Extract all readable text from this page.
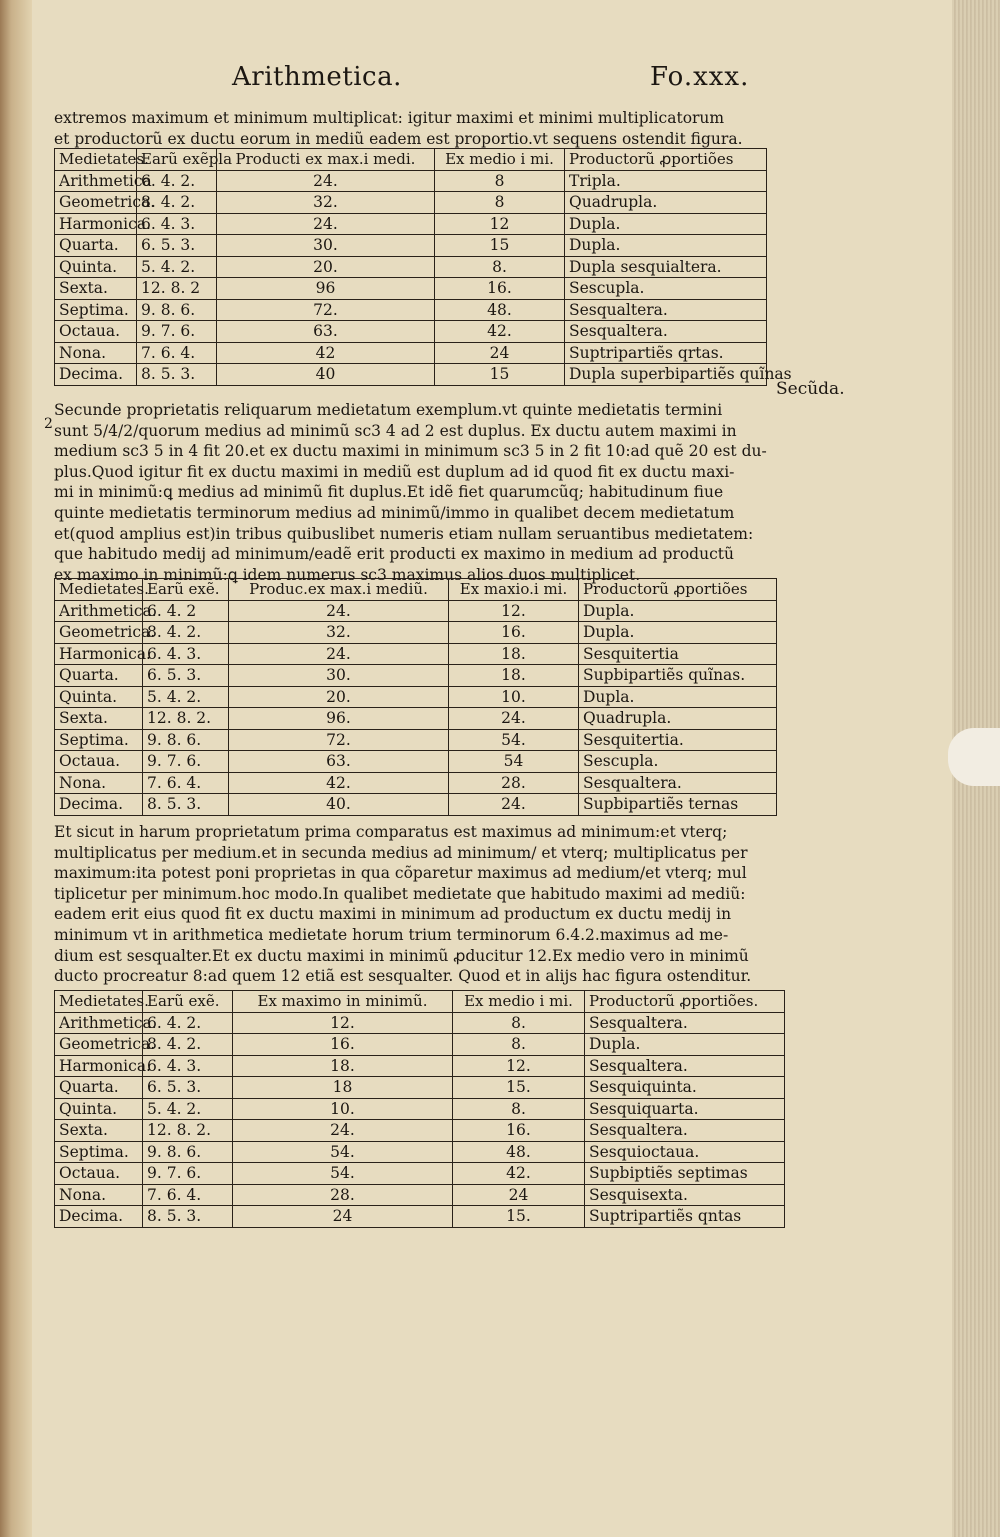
Arithmetica.	Fo.xxx.
extremos maximum et minimum multiplicat: igitur maximi et minimi multiplicatorum
et productorũ ex ductu eorum in mediũ eadem est proportio.vt sequens ostendit figura.
Medietates.	Earũ exẽpla	Producti ex max.i medi.	Ex medio i mi.	Productorũ ꝓportiões
Arithmetica	6. 4. 2.	24.	8	Tripla.
Geometrica.	8. 4. 2.	32.	8	Quadrupla.
Harmonica.	6. 4. 3.	24.	12	Dupla.
Quarta.	6. 5. 3.	30.	15	Dupla.
Quinta.	5. 4. 2.	20.	8.	Dupla sesquialtera.
Sexta.	12. 8. 2	96	16.	Sescupla.
Septima.	9. 8. 6.	72.	48.	Sesqualtera.
Octaua.	9. 7. 6.	63.	42.	Sesqualtera.
Nona.	7. 6. 4.	42	24	Suptripartiẽs qrtas.
Decima.	8. 5. 3.	40	15	Dupla superbipartiẽs quĩnas
Secũda.
2
Secunde proprietatis reliquarum medietatum exemplum.vt quinte medietatis termini
sunt 5/4/2/quorum medius ad minimũ sc3 4 ad 2 est duplus. Ex ductu autem maximi in
medium sc3 5 in 4 fit 20.et ex ductu maximi in minimum sc3 5 in 2 fit 10:ad quẽ 20 est du-
plus.Quod igitur fit ex ductu maximi in mediũ est duplum ad id quod fit ex ductu maxi-
mi in minimũ:ꝗ medius ad minimũ fit duplus.Et idẽ fiet quarumcũq; habitudinum fiue
quinte medietatis terminorum medius ad minimũ/immo in qualibet decem medietatum
et(quod amplius est)in tribus quibuslibet numeris etiam nullam seruantibus medietatem:
que habitudo medij ad minimum/eadẽ erit producti ex maximo in medium ad productũ
ex maximo in minimũ:ꝗ idem numerus sc3 maximus alios duos multiplicet.
Medietates.	Earũ exẽ.	Produc.ex max.i mediũ.	Ex maxio.i mi.	Productorũ ꝓportiões
Arithmetica.	6. 4. 2	24.	12.	Dupla.
Geometrica.	8. 4. 2.	32.	16.	Dupla.
Harmonica.	6. 4. 3.	24.	18.	Sesquitertia
Quarta.	6. 5. 3.	30.	18.	Supbipartiẽs quĩnas.
Quinta.	5. 4. 2.	20.	10.	Dupla.
Sexta.	12. 8. 2.	96.	24.	Quadrupla.
Septima.	9. 8. 6.	72.	54.	Sesquitertia.
Octaua.	9. 7. 6.	63.	54	Sescupla.
Nona.	7. 6. 4.	42.	28.	Sesqualtera.
Decima.	8. 5. 3.	40.	24.	Supbipartiẽs ternas
Et sicut in harum proprietatum prima comparatus est maximus ad minimum:et vterq;
multiplicatus per medium.et in secunda medius ad minimum/ et vterq; multiplicatus per
maximum:ita potest poni proprietas in qua cõparetur maximus ad medium/et vterq; mul
tiplicetur per minimum.hoc modo.In qualibet medietate que habitudo maximi ad mediũ:
eadem erit eius quod fit ex ductu maximi in minimum ad productum ex ductu medij in
minimum vt in arithmetica medietate horum trium terminorum 6.4.2.maximus ad me-
dium est sesqualter.Et ex ductu maximi in minimũ ꝓducitur 12.Ex medio vero in minimũ
ducto procreatur 8:ad quem 12 etiã est sesqualter. Quod et in alijs hac figura ostenditur.
Medietates.	Earũ exẽ.	Ex maximo in minimũ.	Ex medio i mi.	Productorũ ꝓportiões.
Arithmetica.	6. 4. 2.	12.	8.	Sesqualtera.
Geometrica.	8. 4. 2.	16.	8.	Dupla.
Harmonica.	6. 4. 3.	18.	12.	Sesqualtera.
Quarta.	6. 5. 3.	18	15.	Sesquiquinta.
Quinta.	5. 4. 2.	10.	8.	Sesquiquarta.
Sexta.	12. 8. 2.	24.	16.	Sesqualtera.
Septima.	9. 8. 6.	54.	48.	Sesquioctaua.
Octaua.	9. 7. 6.	54.	42.	Supbiptiẽs septimas
Nona.	7. 6. 4.	28.	24	Sesquisexta.
Decima.	8. 5. 3.	24	15.	Suptripartiẽs qntas
